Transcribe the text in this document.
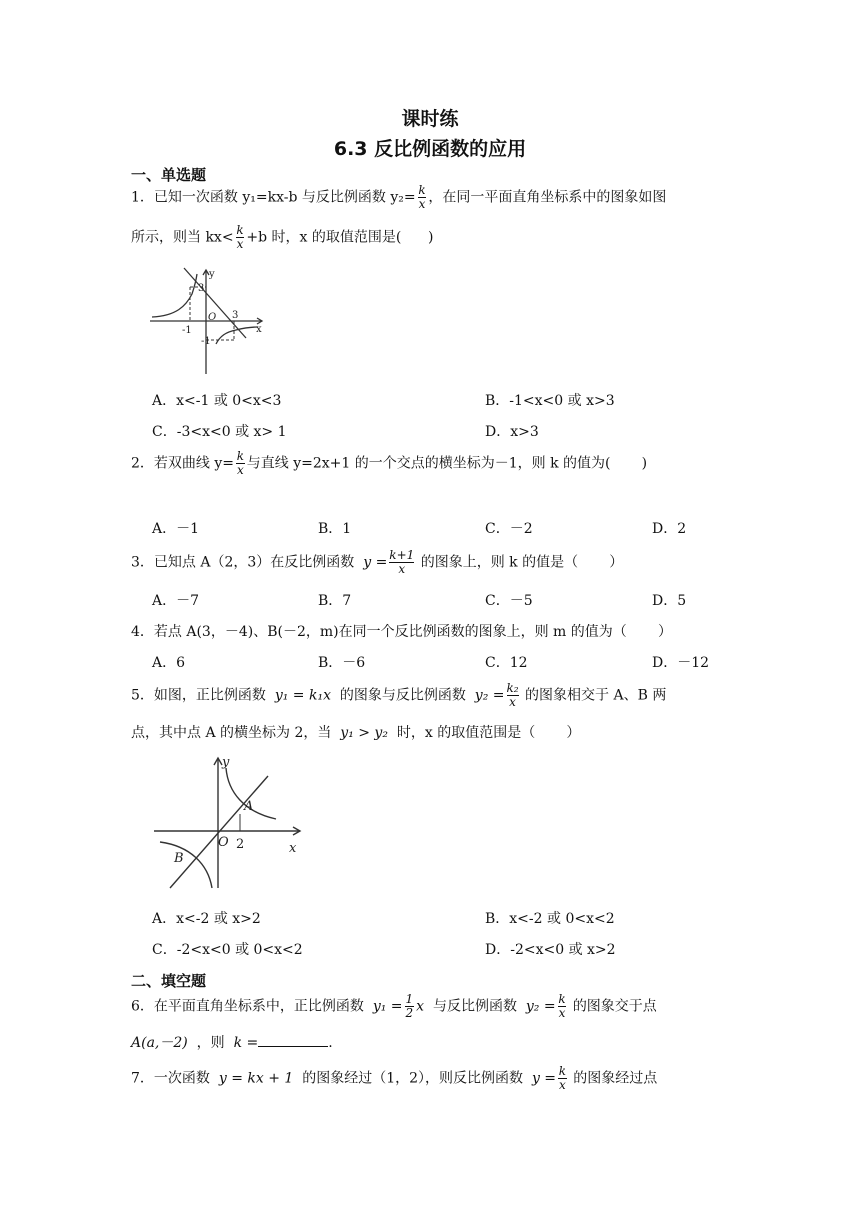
课时练
6.3 反比例函数的应用
一、单选题
1．已知一次函数 y₁=kx-b 与反比例函数 $y_2= \frac{k}{x}$ ，在同一平面直角坐标系中的图象如图
所示，则当 $kx< \frac{k}{x} +b$ 时，x 的取值范围是( )
y
x
O
-1
3
3
-1
A．x<-1 或 0<x<3	B．-1<x<0 或 x>3
C．-3<x<0 或 x> 1	D．x>3
2．若双曲线 $y= \frac{k}{x}$ 与直线 y=2x+1 的一个交点的横坐标为－1，则 k 的值为( )
A．－1	B．1	C．－2	D．2
3．已知点 A（2，3）在反比例函数 $y = \frac{k+1}{x}$ 的图象上，则 k 的值是（ ）
A．－7	B．7	C．－5	D．5
4．若点 A(3，－4)、B(－2，m)在同一个反比例函数的图象上，则 m 的值为（ ）
A．6	B．－6	C．12	D．－12
5．如图，正比例函数 y₁ = k₁x 的图象与反比例函数 $y_2 = \frac{\text{k₂}}{x}$ 的图象相交于 A、B 两
点，其中点 A 的横坐标为 2，当 y₁ > y₂ 时，x 的取值范围是（ ）
y
x
O
A
B
2
A．x<-2 或 x>2	B．x<-2 或 0<x<2
C．-2<x<0 或 0<x<2	D．-2<x<0 或 x>2
二、填空题
6．在平面直角坐标系中，正比例函数 $y_1 = \frac{1}{2}$ x 与反比例函数 $y_2 = \frac{k}{x}$ 的图象交于点
A(a,－2) ，则 k =	.
7．一次函数 y = kx + 1 的图象经过（1，2），则反比例函数 $y = \frac{k}{x}$ 的图象经过点
